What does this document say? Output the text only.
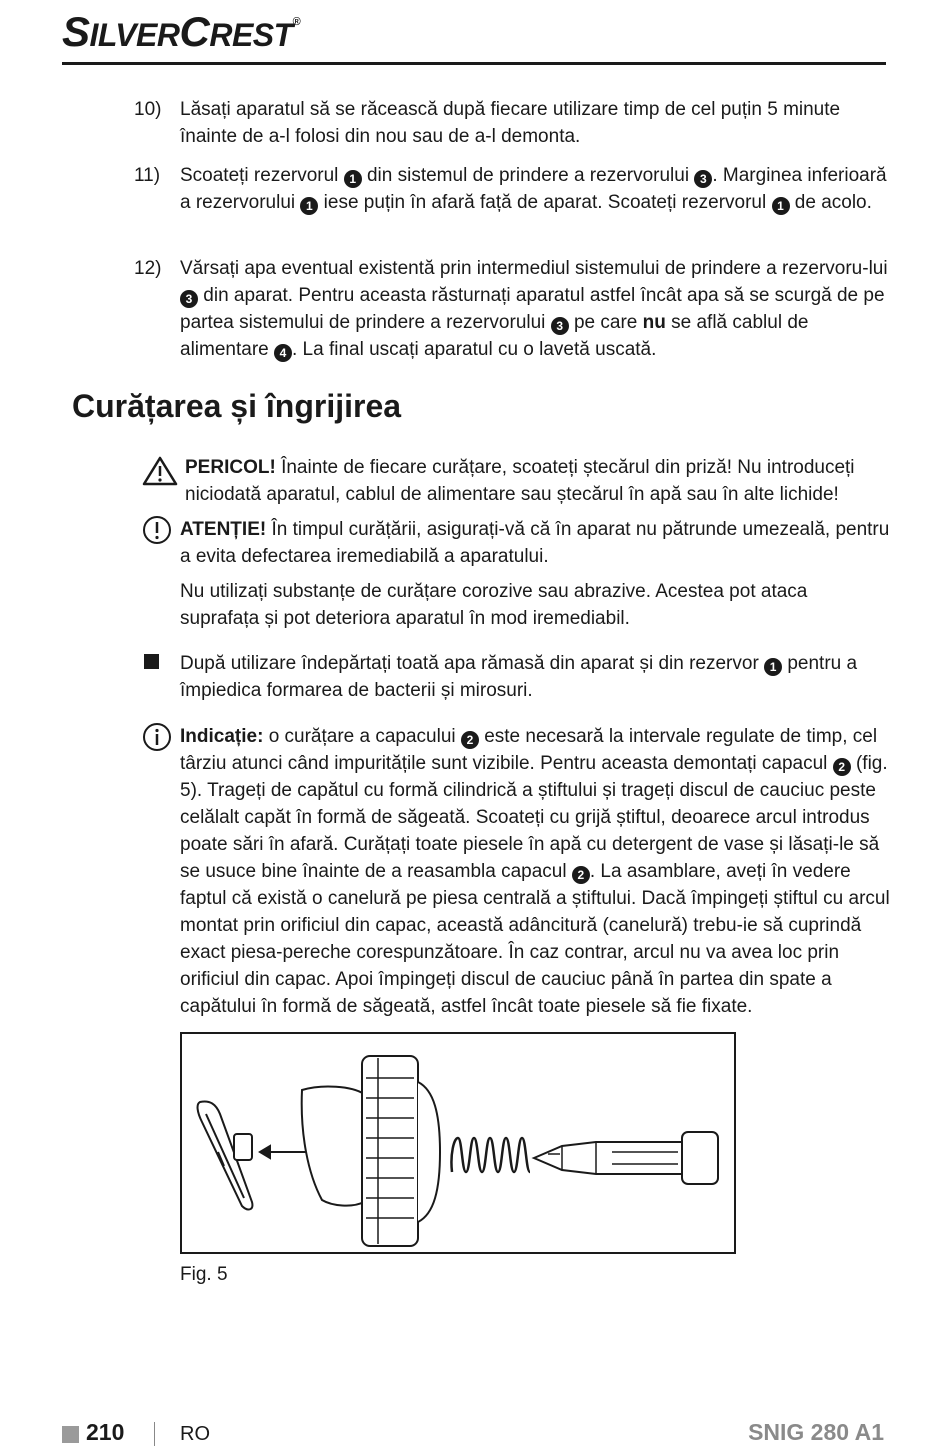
SILVERCREST®
10) Lăsați aparatul să se răcească după fiecare utilizare timp de cel puțin 5 minute înainte de a-l folosi din nou sau de a-l demonta.
11) Scoateți rezervorul 1 din sistemul de prindere a rezervorului 3 . Marginea inferioară a rezervorului 1 iese puțin în afară față de aparat. Scoateți rezervorul 1 de acolo.
12) Vărsați apa eventual existentă prin intermediul sistemului de prindere a rezervoru-lui 3 din aparat. Pentru aceasta răsturnați aparatul astfel încât apa să se scurgă de pe partea sistemului de prindere a rezervorului 3 pe care nu se află cablul de alimentare 4 . La final uscați aparatul cu o lavetă uscată.
Curățarea și îngrijirea
PERICOL! Înainte de fiecare curățare, scoateți ștecărul din priză! Nu introduceți niciodată aparatul, cablul de alimentare sau ștecărul în apă sau în alte lichide!
ATENȚIE! În timpul curățării, asigurați-vă că în aparat nu pătrunde umezeală, pentru a evita defectarea iremediabilă a aparatului.
Nu utilizați substanțe de curățare corozive sau abrazive. Acestea pot ataca suprafața și pot deteriora aparatul în mod iremediabil.
După utilizare îndepărtați toată apa rămasă din aparat și din rezervor 1 pentru a împiedica formarea de bacterii și mirosuri.
Indicație: o curățare a capacului 2 este necesară la intervale regulate de timp, cel târziu atunci când impuritățile sunt vizibile. Pentru aceasta demontați capacul 2 (fig. 5). Trageți de capătul cu formă cilindrică a știftului și trageți discul de cauciuc peste celălalt capăt în formă de săgeată. Scoateți cu grijă știftul, deoarece arcul introdus poate sări în afară. Curățați toate piesele în apă cu detergent de vase și lăsați-le să se usuce bine înainte de a reasambla capacul 2 . La asamblare, aveți în vedere faptul că există o canelură pe piesa centrală a știftului. Dacă împingeți știftul cu arcul montat prin orificiul din capac, această adâncitură (canelură) trebu-ie să cuprindă exact piesa-pereche corespunzătoare. În caz contrar, arcul nu va avea loc prin orificiul din capac. Apoi împingeți discul de cauciuc până în partea din spate a capătului în formă de săgeată, astfel încât toate piesele să fie fixate.
Fig. 5
210	RO	SNIG 280 A1
